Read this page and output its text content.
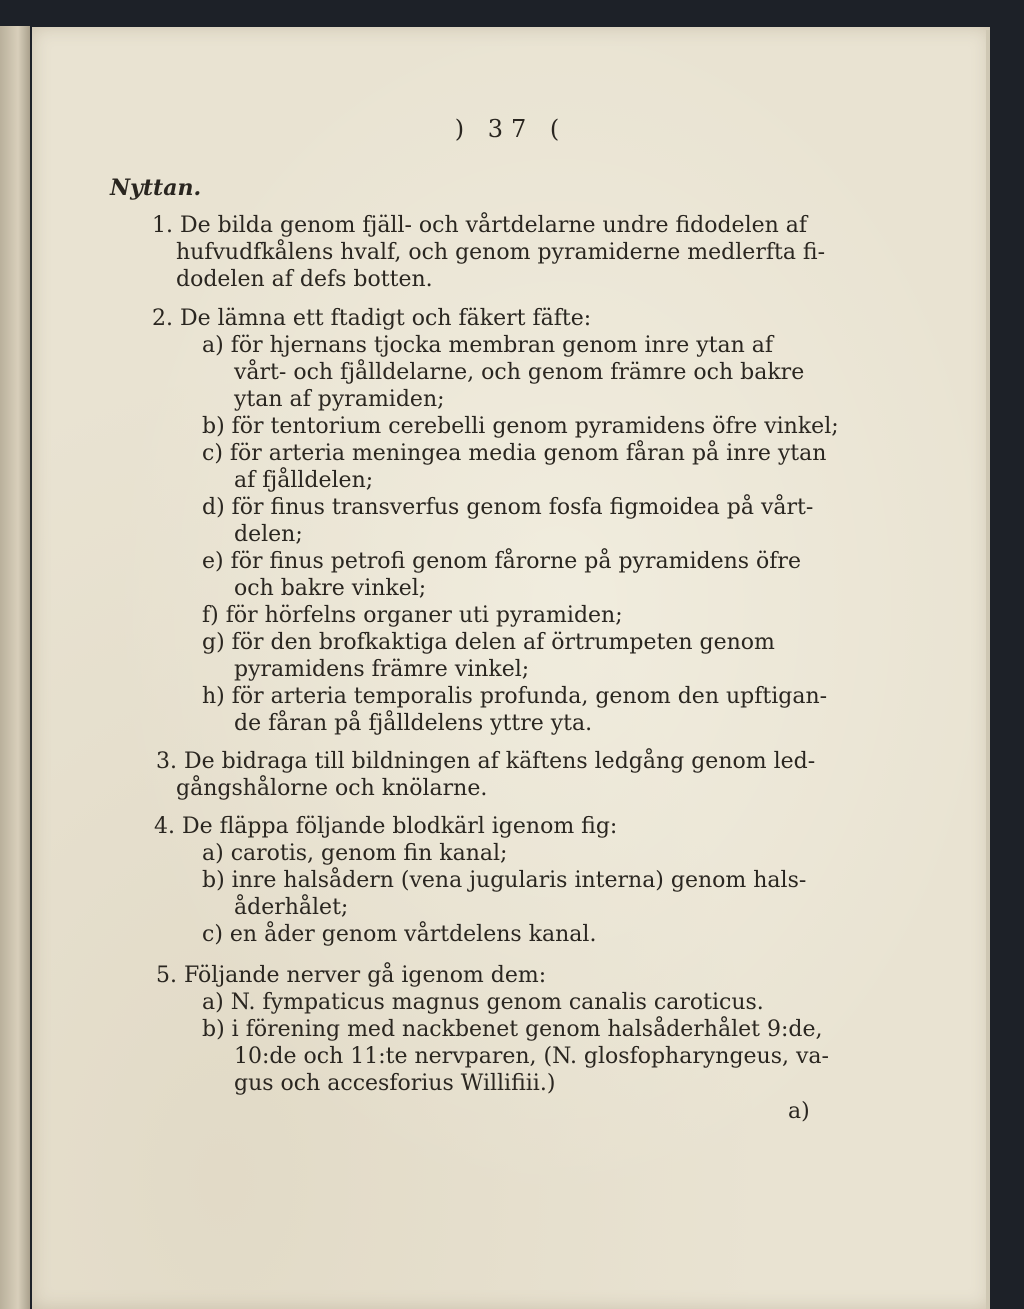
) 37 (
Nyttan.
1. De bilda genom fjäll- och vårtdelarne undre fidodelen af
hufvudfkålens hvalf, och genom pyramiderne medlerfta fi-
dodelen af defs botten.
2. De lämna ett ftadigt och fäkert fäfte:
a) för hjernans tjocka membran genom inre ytan af
vårt- och fjålldelarne, och genom främre och bakre
ytan af pyramiden;
b) för tentorium cerebelli genom pyramidens öfre vinkel;
c) för arteria meningea media genom fåran på inre ytan
af fjålldelen;
d) för finus transverfus genom fosfa figmoidea på vårt-
delen;
e) för finus petrofi genom fårorne på pyramidens öfre
och bakre vinkel;
f) för hörfelns organer uti pyramiden;
g) för den brofkaktiga delen af örtrumpeten genom
pyramidens främre vinkel;
h) för arteria temporalis profunda, genom den upftigan-
de fåran på fjålldelens yttre yta.
3. De bidraga till bildningen af käftens ledgång genom led-
gångshålorne och knölarne.
4. De fläppa följande blodkärl igenom fig:
a) carotis, genom fin kanal;
b) inre halsådern (vena jugularis interna) genom hals-
åderhålet;
c) en åder genom vårtdelens kanal.
5. Följande nerver gå igenom dem:
a) N. fympaticus magnus genom canalis caroticus.
b) i förening med nackbenet genom halsåderhålet 9:de,
10:de och 11:te nervparen, (N. glosfopharyngeus, va-
gus och accesforius Willifiii.)
a)
